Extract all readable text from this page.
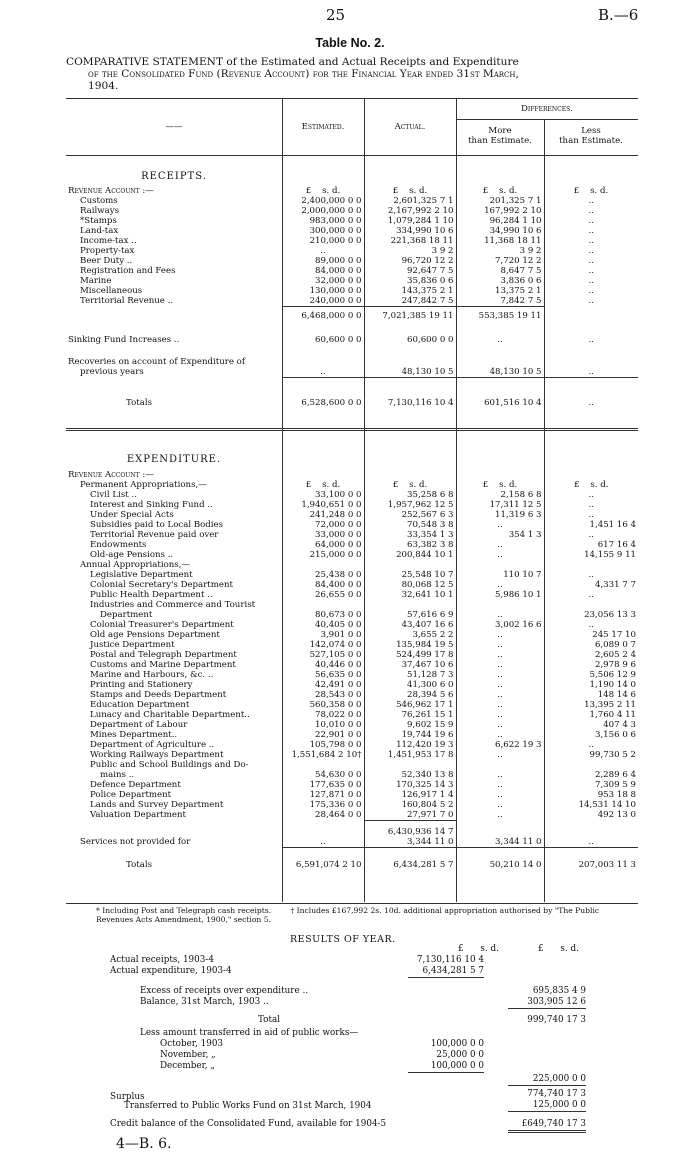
25	B.—6
Table No. 2.
COMPARATIVE STATEMENT of the Estimated and Actual Receipts and Expenditure
of the Consolidated Fund (Revenue Account) for the Financial Year ended 31st March,
1904.
——	Estimated.	Actual.
Differences.
More
than Estimate.
Less
than Estimate.
RECEIPTS.
Revenue Account :—	£ s. d.	£ s. d.	£ s. d.	£ s. d.
Customs	2,400,000 0 0	2,601,325 7 1	201,325 7 1	..
Railways	2,000,000 0 0	2,167,992 2 10	167,992 2 10	..
*Stamps	983,000 0 0	1,079,284 1 10	96,284 1 10	..
Land-tax	300,000 0 0	334,990 10 6	34,990 10 6	..
Income-tax ..	210,000 0 0	221,368 18 11	11,368 18 11	..
Property-tax	..	3 9 2	3 9 2	..
Beer Duty ..	89,000 0 0	96,720 12 2	7,720 12 2	..
Registration and Fees	84,000 0 0	92,647 7 5	8,647 7 5	..
Marine	32,000 0 0	35,836 0 6	3,836 0 6	..
Miscellaneous	130,000 0 0	143,375 2 1	13,375 2 1	..
Territorial Revenue ..	240,000 0 0	247,842 7 5	7,842 7 5	..
	6,468,000 0 0	7,021,385 19 11	553,385 19 11	
Sinking Fund Increases ..	60,600 0 0	60,600 0 0	..	..
Recoveries on account of Expenditure of
previous years	..	48,130 10 5	48,130 10 5	..
Totals	6,528,600 0 0	7,130,116 10 4	601,516 10 4	..
EXPENDITURE.
Revenue Account :—				
Permanent Appropriations,—	£ s. d.	£ s. d.	£ s. d.	£ s. d.
Civil List ..	33,100 0 0	35,258 6 8	2,158 6 8	..
Interest and Sinking Fund ..	1,940,651 0 0	1,957,962 12 5	17,311 12 5	..
Under Special Acts	241,248 0 0	252,567 6 3	11,319 6 3	..
Subsidies paid to Local Bodies	72,000 0 0	70,548 3 8	..	1,451 16 4
Territorial Revenue paid over	33,000 0 0	33,354 1 3	354 1 3	..
Endowments	64,000 0 0	63,382 3 8	..	617 16 4
Old-age Pensions ..	215,000 0 0	200,844 10 1	..	14,155 9 11
Annual Appropriations,—				
Legislative Department	25,438 0 0	25,548 10 7	110 10 7	..
Colonial Secretary's Department	84,400 0 0	80,068 12 5	..	4,331 7 7
Public Health Department ..	26,655 0 0	32,641 10 1	5,986 10 1	..
Industries and Commerce and Tourist				
Department	80,673 0 0	57,616 6 9	..	23,056 13 3
Colonial Treasurer's Department	40,405 0 0	43,407 16 6	3,002 16 6	..
Old age Pensions Department	3,901 0 0	3,655 2 2	..	245 17 10
Justice Department	142,074 0 0	135,984 19 5	..	6,089 0 7
Postal and Telegraph Department	527,105 0 0	524,499 17 8	..	2,605 2 4
Customs and Marine Department	40,446 0 0	37,467 10 6	..	2,978 9 6
Marine and Harbours, &c. ..	56,635 0 0	51,128 7 3	..	5,506 12 9
Printing and Stationery	42,491 0 0	41,300 6 0	..	1,190 14 0
Stamps and Deeds Department	28,543 0 0	28,394 5 6	..	148 14 6
Education Department	560,358 0 0	546,962 17 1	..	13,395 2 11
Lunacy and Charitable Department..	78,022 0 0	76,261 15 1	..	1,760 4 11
Department of Labour	10,010 0 0	9,602 15 9	..	407 4 3
Mines Department..	22,901 0 0	19,744 19 6	..	3,156 0 6
Department of Agriculture ..	105,798 0 0	112,420 19 3	6,622 19 3	..
Working Railways Department	1,551,684 2 10†	1,451,953 17 8	..	99,730 5 2
Public and School Buildings and Do-				
mains ..	54,630 0 0	52,340 13 8	..	2,289 6 4
Defence Department	177,635 0 0	170,325 14 3	..	7,309 5 9
Police Department	127,871 0 0	126,917 1 4	..	953 18 8
Lands and Survey Department	175,336 0 0	160,804 5 2	..	14,531 14 10
Valuation Department	28,464 0 0	27,971 7 0	..	492 13 0
		6,430,936 14 7		
Services not provided for	..	3,344 11 0	3,344 11 0	..
Totals	6,591,074 2 10	6,434,281 5 7	50,210 14 0	207,003 11 3
* Including Post and Telegraph cash receipts.	† Includes £167,992 2s. 10d. additional appropriation authorised by "The Public Revenues Acts Amendment, 1900," section 5.
RESULTS OF YEAR.
£ s. d.	£ s. d.
Actual receipts, 1903-4	7,130,116 10 4
Actual expenditure, 1903-4	6,434,281 5 7
Excess of receipts over expenditure ..	695,835 4 9
Balance, 31st March, 1903 ..	303,905 12 6
Total	999,740 17 3
Less amount transferred in aid of public works—
October, 1903	100,000 0 0
November, „	25,000 0 0
December, „	100,000 0 0
225,000 0 0
Surplus	774,740 17 3
Transferred to Public Works Fund on 31st March, 1904	125,000 0 0
Credit balance of the Consolidated Fund, available for 1904-5	£649,740 17 3
4—B. 6.
